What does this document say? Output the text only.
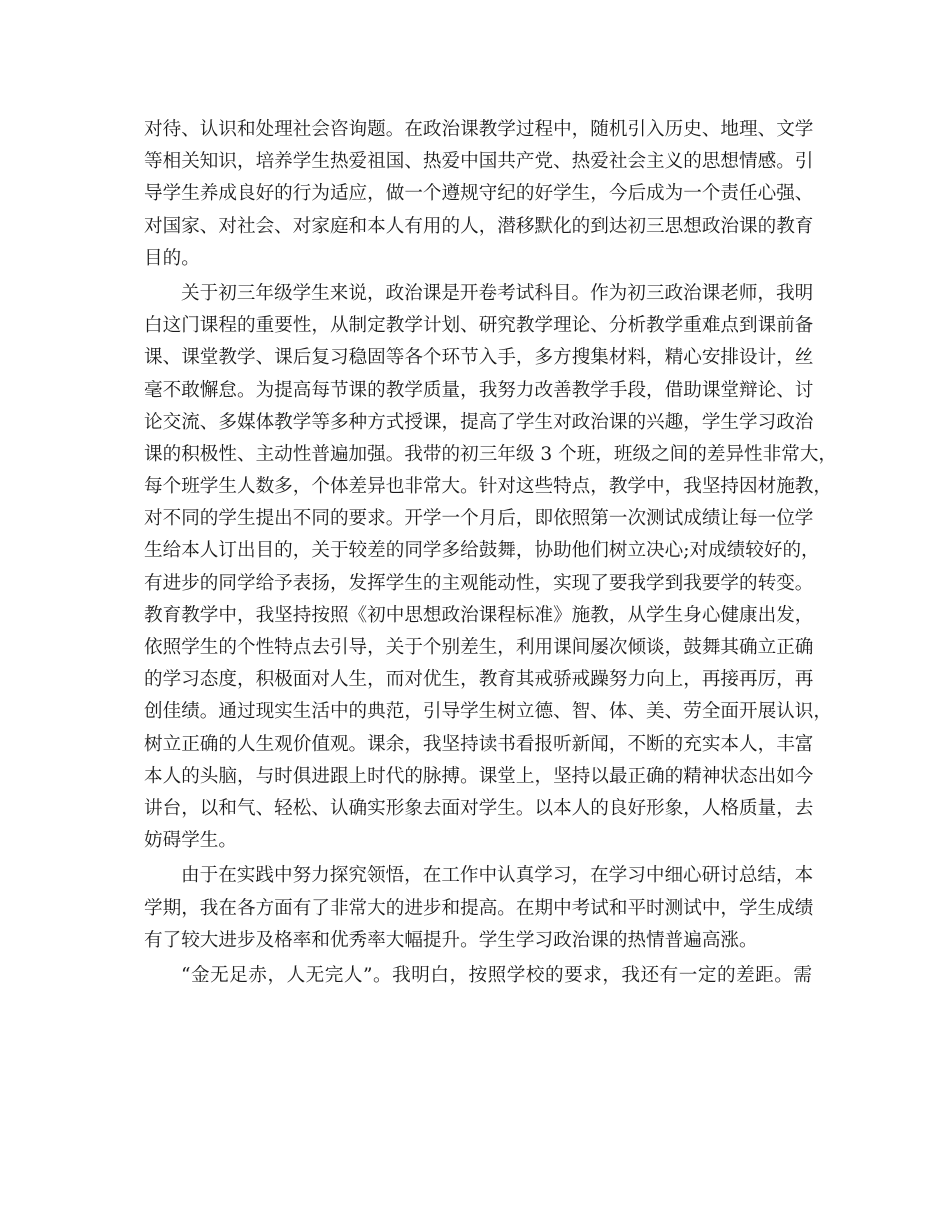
对待、认识和处理社会咨询题。在政治课教学过程中，随机引入历史、地理、文学
等相关知识，培养学生热爱祖国、热爱中国共产党、热爱社会主义的思想情感。引
导学生养成良好的行为适应，做一个遵规守纪的好学生，今后成为一个责任心强、
对国家、对社会、对家庭和本人有用的人，潜移默化的到达初三思想政治课的教育
目的。
关于初三年级学生来说，政治课是开卷考试科目。作为初三政治课老师，我明
白这门课程的重要性，从制定教学计划、研究教学理论、分析教学重难点到课前备
课、课堂教学、课后复习稳固等各个环节入手，多方搜集材料，精心安排设计，丝
毫不敢懈怠。为提高每节课的教学质量，我努力改善教学手段，借助课堂辩论、讨
论交流、多媒体教学等多种方式授课，提高了学生对政治课的兴趣，学生学习政治
课的积极性、主动性普遍加强。我带的初三年级 3 个班，班级之间的差异性非常大，
每个班学生人数多，个体差异也非常大。针对这些特点，教学中，我坚持因材施教，
对不同的学生提出不同的要求。开学一个月后，即依照第一次测试成绩让每一位学
生给本人订出目的，关于较差的同学多给鼓舞，协助他们树立决心;对成绩较好的，
有进步的同学给予表扬，发挥学生的主观能动性，实现了要我学到我要学的转变。
教育教学中，我坚持按照《初中思想政治课程标准》施教，从学生身心健康出发，
依照学生的个性特点去引导，关于个别差生，利用课间屡次倾谈，鼓舞其确立正确
的学习态度，积极面对人生，而对优生，教育其戒骄戒躁努力向上，再接再厉，再
创佳绩。通过现实生活中的典范，引导学生树立德、智、体、美、劳全面开展认识，
树立正确的人生观价值观。课余，我坚持读书看报听新闻，不断的充实本人，丰富
本人的头脑，与时俱进跟上时代的脉搏。课堂上，坚持以最正确的精神状态出如今
讲台，以和气、轻松、认确实形象去面对学生。以本人的良好形象，人格质量，去
妨碍学生。
由于在实践中努力探究领悟，在工作中认真学习，在学习中细心研讨总结，本
学期，我在各方面有了非常大的进步和提高。在期中考试和平时测试中，学生成绩
有了较大进步及格率和优秀率大幅提升。学生学习政治课的热情普遍高涨。
“金无足赤，人无完人”。我明白，按照学校的要求，我还有一定的差距。需
